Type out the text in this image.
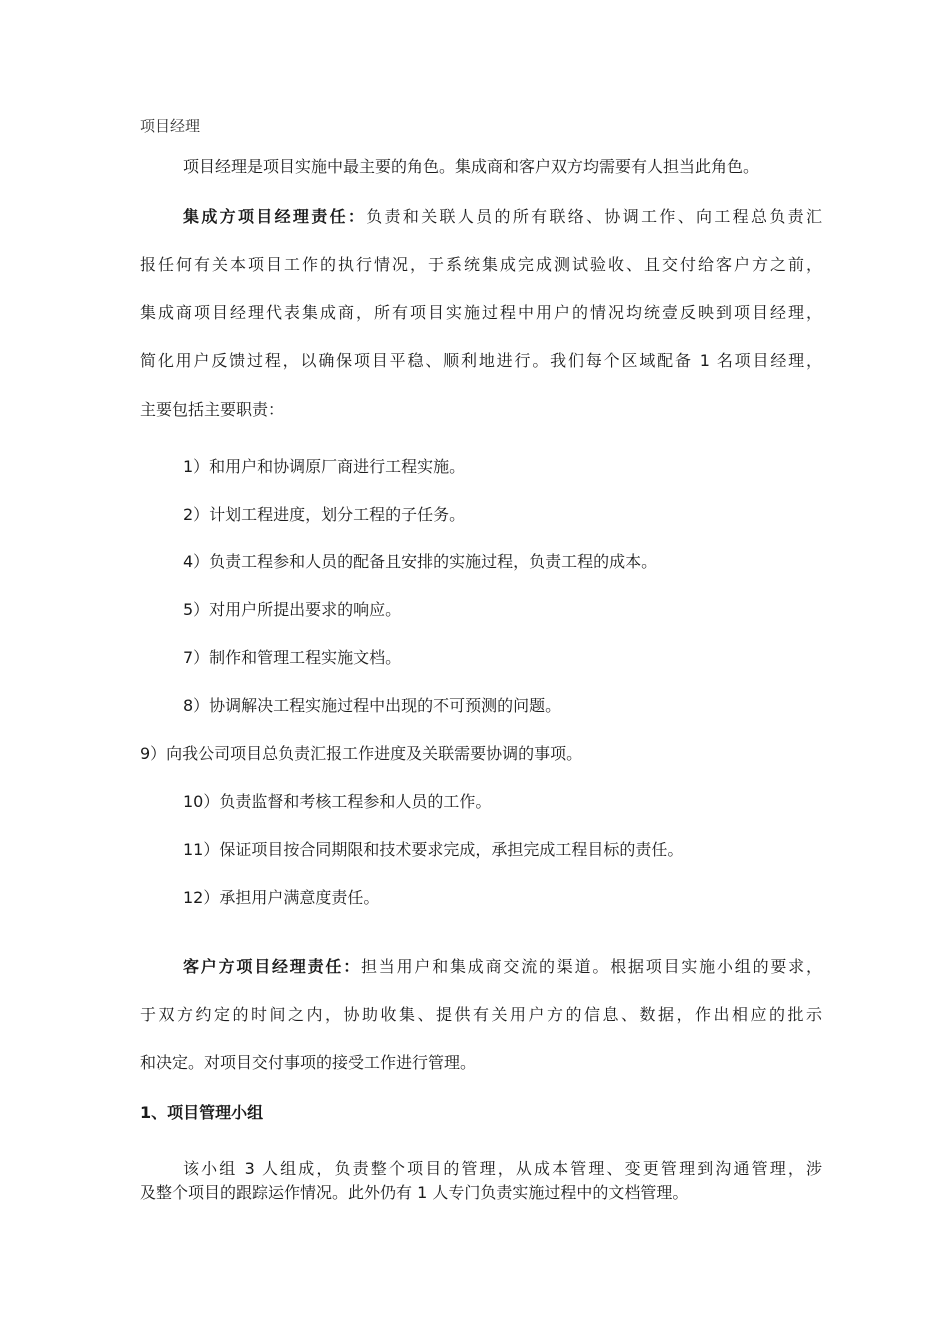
项目经理
项目经理是项目实施中最主要的角色。集成商和客户双方均需要有人担当此角色。
集成方项目经理责任：负责和关联人员的所有联络、协调工作、向工程总负责汇
报任何有关本项目工作的执行情况，于系统集成完成测试验收、且交付给客户方之前，
集成商项目经理代表集成商，所有项目实施过程中用户的情况均统壹反映到项目经理，
简化用户反馈过程，以确保项目平稳、顺利地进行。我们每个区域配备 1 名项目经理，
主要包括主要职责：
1）和用户和协调原厂商进行工程实施。
2）计划工程进度，划分工程的子任务。
4）负责工程参和人员的配备且安排的实施过程，负责工程的成本。
5）对用户所提出要求的响应。
7）制作和管理工程实施文档。
8）协调解决工程实施过程中出现的不可预测的问题。
9）向我公司项目总负责汇报工作进度及关联需要协调的事项。
10）负责监督和考核工程参和人员的工作。
11）保证项目按合同期限和技术要求完成，承担完成工程目标的责任。
12）承担用户满意度责任。
客户方项目经理责任：担当用户和集成商交流的渠道。根据项目实施小组的要求，
于双方约定的时间之内，协助收集、提供有关用户方的信息、数据，作出相应的批示
和决定。对项目交付事项的接受工作进行管理。
1、项目管理小组
该小组 3 人组成，负责整个项目的管理，从成本管理、变更管理到沟通管理，涉
及整个项目的跟踪运作情况。此外仍有 1 人专门负责实施过程中的文档管理。
